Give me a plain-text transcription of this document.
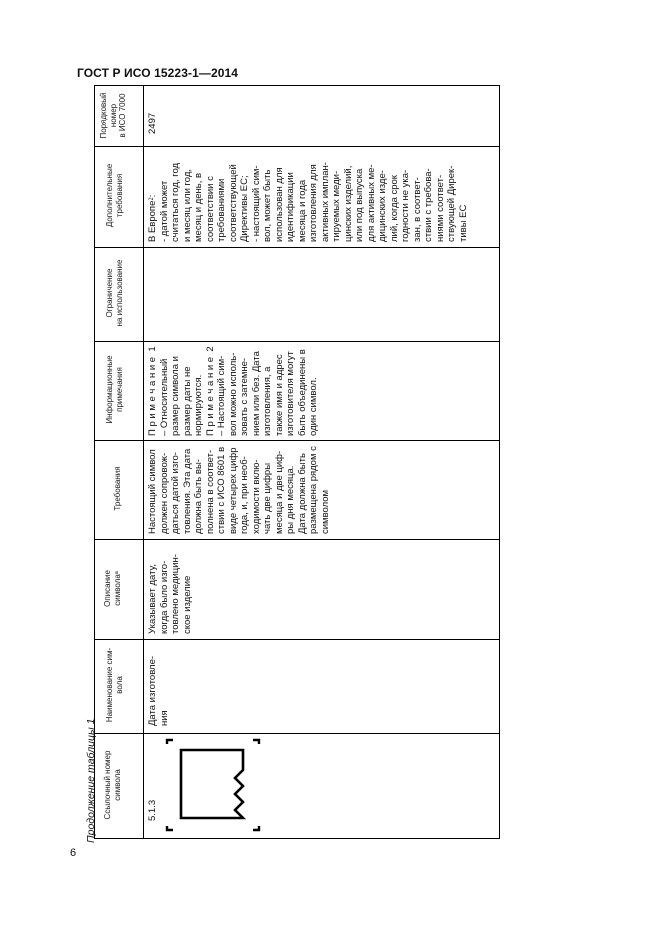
ГОСТ Р ИСО 15223-1—2014
Продолжение таблицы 1
6
Ссылочный номер
символа
Наименование сим-
вола
Описание
символаᵃ
Требования
Информационные
примечания
Ограничение
на использование
Дополнительные
требования
Порядковый
номер
в ИСО 7000
5.1.3
Дата изготовле-
ния
Указывает дату,
когда было изго-
товлено медицин-
ское изделие
Настоящий символ
должен сопровож-
даться датой изго-
товления. Эта дата
должна быть вы-
полнена в соответ-
ствии с ИСО 8601 в
виде четырех цифр
года, и, при необ-
ходимости вклю-
чать две цифры
месяца и две циф-
ры дня месяца.
Дата должна быть
размещена рядом с
символом
П р и м е ч а н и е  1
– Относительный
размер символа и
размер даты не
нормируются.
П р и м е ч а н и е  2
– Настоящий сим-
вол можно исполь-
зовать с затемне-
нием или без. Дата
изготовления, а
также имя и адрес
изготовителя могут
быть объединены в
один символ.
В Европе⁲:
- датой может
считаться год, год
и месяц или год,
месяц и день, в
соответствии с
требованиями
соответствующей
Директивы ЕС;
- настоящий сим-
вол, может быть
использован для
идентификации
месяца и года
изготовления для
активных имплан-
тируемых меди-
цинских изделий,
или под выпуска
для активных ме-
дицинских изде-
лий, когда срок
годности не ука-
зан, в соответ-
ствии с требова-
ниями соответ-
ствующей Дирек-
тивы ЕС
2497
